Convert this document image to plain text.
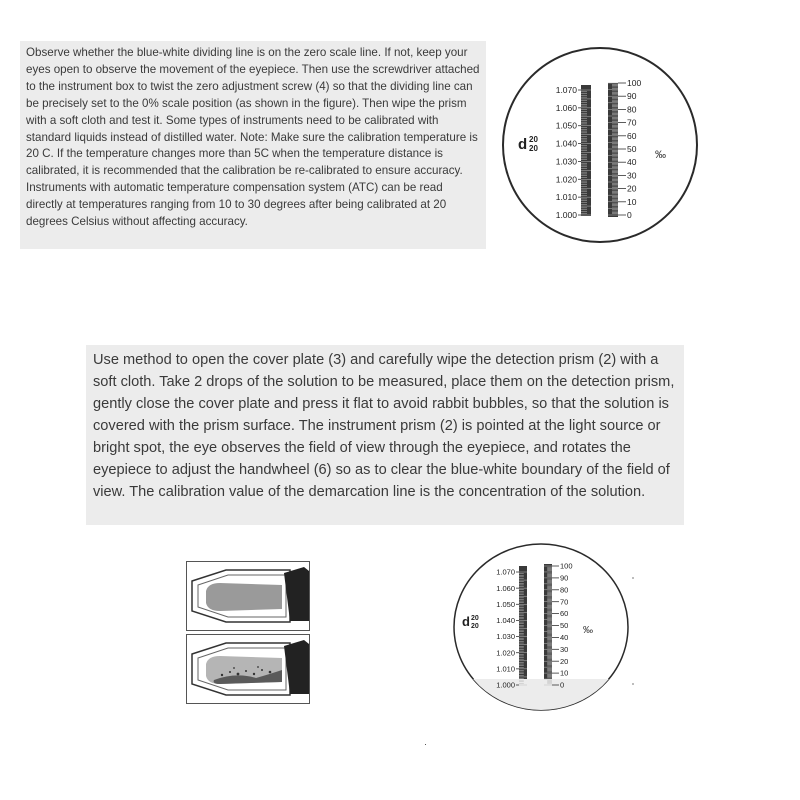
Observe whether the blue-white dividing line is on the zero scale line. If not, keep your eyes open to observe the movement of the eyepiece. Then use the screwdriver attached to the instrument box to twist the zero adjustment screw (4) so that the dividing line can be precisely set to the 0% scale position (as shown in the figure). Then wipe the prism with a soft cloth and test it. Some types of instruments need to be calibrated with standard liquids instead of distilled water. Note: Make sure the calibration temperature is 20 C. If the temperature changes more than 5C when the temperature distance is calibrated, it is recommended that the calibration be re-calibrated to ensure accuracy. Instruments with automatic temperature compensation system (ATC) can be read directly at temperatures ranging from 10 to 30 degrees after being calibrated at 20 degrees Celsius without affecting accuracy.

Use method to open the cover plate (3) and carefully wipe the detection prism (2) with a soft cloth. Take 2 drops of the solution to be measured, place them on the detection prism, gently close the cover plate and press it flat to avoid rabbit bubbles, so that the solution is covered with the prism surface. The instrument prism (2) is pointed at the light source or bright spot, the eye observes the field of view through the eyepiece, and rotates the eyepiece to adjust the handwheel (6) so as to clear the blue-white boundary of the field of view. The calibration value of the demarcation line is the concentration of the solution.

d 20
20
‰
1.070
1.060
1.050
1.040
1.030
1.020
1.010
1.000
100
90
80
70
60
50
40
30
20
10
0
d 20
20	‰
1.070
1.060
1.050
1.040
1.030
1.020
1.010
1.000
100
90
80
70
60
50
40
30
20
10
0
